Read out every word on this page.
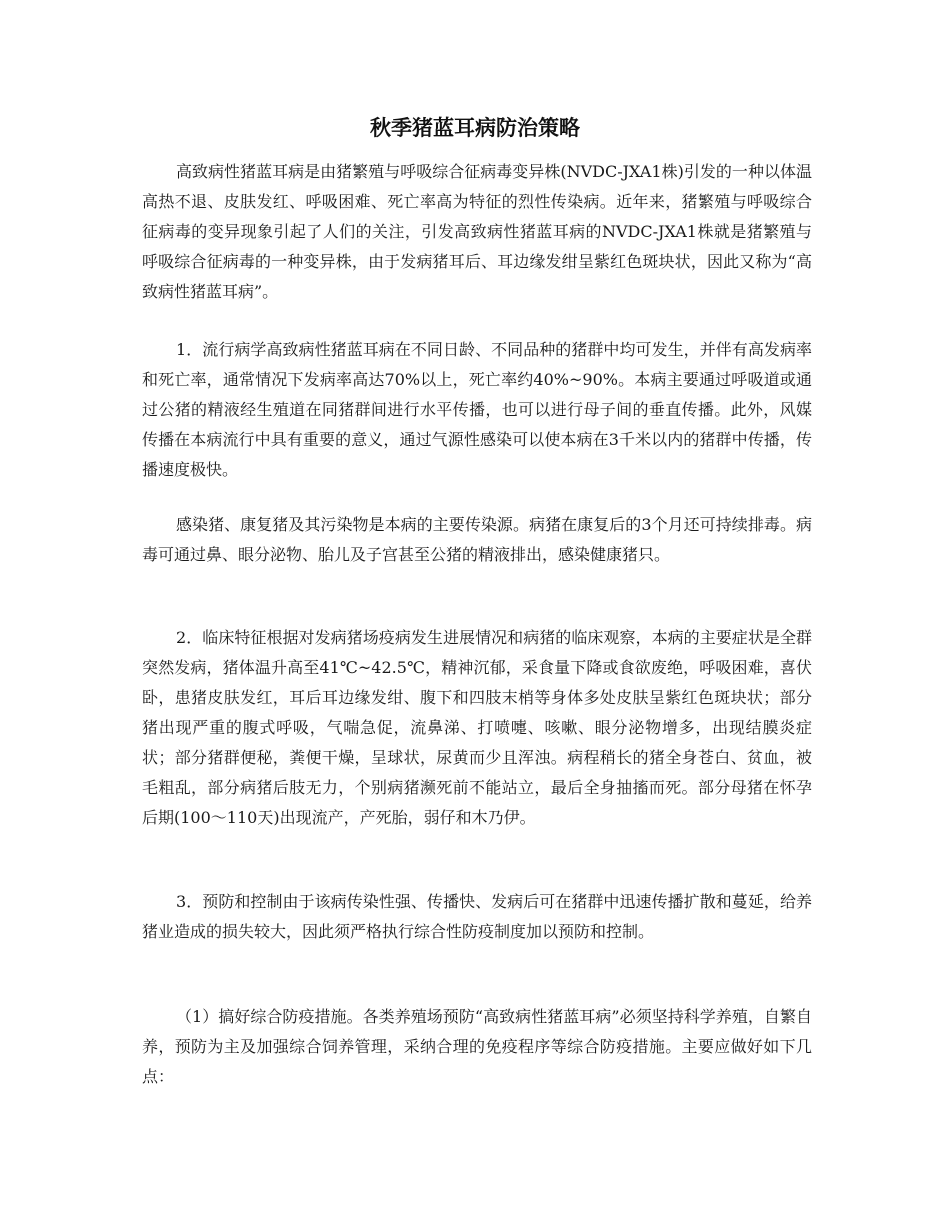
秋季猪蓝耳病防治策略

高致病性猪蓝耳病是由猪繁殖与呼吸综合征病毒变异株(NVDC-JXA1株)引发的一种以体温高热不退、皮肤发红、呼吸困难、死亡率高为特征的烈性传染病。近年来，猪繁殖与呼吸综合征病毒的变异现象引起了人们的关注，引发高致病性猪蓝耳病的NVDC-JXA1株就是猪繁殖与呼吸综合征病毒的一种变异株，由于发病猪耳后、耳边缘发绀呈紫红色斑块状，因此又称为“高致病性猪蓝耳病”。

1．流行病学高致病性猪蓝耳病在不同日龄、不同品种的猪群中均可发生，并伴有高发病率和死亡率，通常情况下发病率高达70%以上，死亡率约40%~90%。本病主要通过呼吸道或通过公猪的精液经生殖道在同猪群间进行水平传播，也可以进行母子间的垂直传播。此外，风媒传播在本病流行中具有重要的意义，通过气源性感染可以使本病在3千米以内的猪群中传播，传播速度极快。

感染猪、康复猪及其污染物是本病的主要传染源。病猪在康复后的3个月还可持续排毒。病毒可通过鼻、眼分泌物、胎儿及子宫甚至公猪的精液排出，感染健康猪只。

2．临床特征根据对发病猪场疫病发生进展情况和病猪的临床观察，本病的主要症状是全群突然发病，猪体温升高至41℃~42.5℃，精神沉郁，采食量下降或食欲废绝，呼吸困难，喜伏卧，患猪皮肤发红，耳后耳边缘发绀、腹下和四肢末梢等身体多处皮肤呈紫红色斑块状；部分猪出现严重的腹式呼吸，气喘急促，流鼻涕、打喷嚏、咳嗽、眼分泌物增多，出现结膜炎症状；部分猪群便秘，粪便干燥，呈球状，尿黄而少且浑浊。病程稍长的猪全身苍白、贫血，被毛粗乱，部分病猪后肢无力，个别病猪濒死前不能站立，最后全身抽搐而死。部分母猪在怀孕后期(100～110天)出现流产，产死胎，弱仔和木乃伊。

3．预防和控制由于该病传染性强、传播快、发病后可在猪群中迅速传播扩散和蔓延，给养猪业造成的损失较大，因此须严格执行综合性防疫制度加以预防和控制。

（1）搞好综合防疫措施。各类养殖场预防“高致病性猪蓝耳病”必须坚持科学养殖，自繁自养，预防为主及加强综合饲养管理，采纳合理的免疫程序等综合防疫措施。主要应做好如下几点：
